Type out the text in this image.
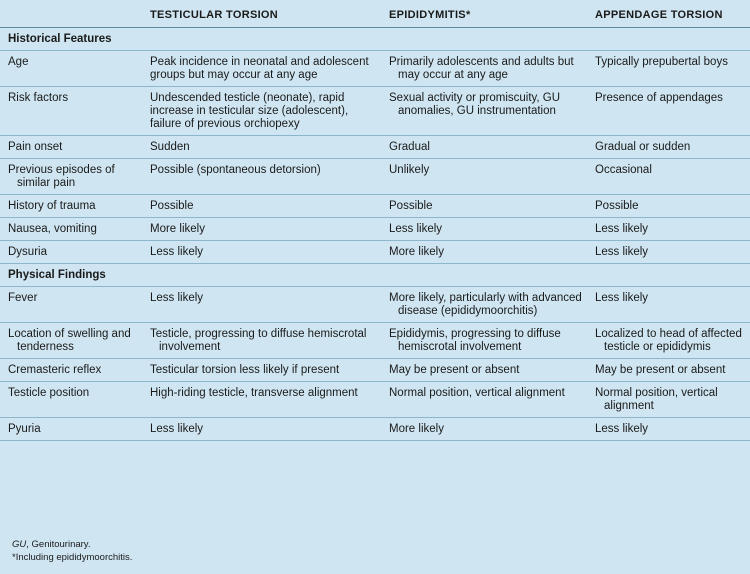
	TESTICULAR TORSION	EPIDIDYMITIS*	APPENDAGE TORSION
Historical Features			
Age	Peak incidence in neonatal and adolescent groups but may occur at any age	Primarily adolescents and adults but may occur at any age	Typically prepubertal boys
Risk factors	Undescended testicle (neonate), rapid increase in testicular size (adolescent), failure of previous orchiopexy	Sexual activity or promiscuity, GU anomalies, GU instrumentation	Presence of appendages
Pain onset	Sudden	Gradual	Gradual or sudden

Previous episodes of similar pain	Possible (spontaneous detorsion)	Unlikely	Occasional
History of trauma	Possible	Possible	Possible
Nausea, vomiting	More likely	Less likely	Less likely
Dysuria	Less likely	More likely	Less likely
Physical Findings			
Fever	Less likely	More likely, particularly with advanced disease (epididymoorchitis)	Less likely

Location of swelling and tenderness	Testicle, progressing to diffuse hemiscrotal involvement	Epididymis, progressing to diffuse hemiscrotal involvement	Localized to head of affected testicle or epididymis

Cremasteric reflex	Testicular torsion less likely if present	May be present or absent	May be present or absent
Testicle position	High-riding testicle, transverse alignment	Normal position, vertical alignment	Normal position, vertical alignment

Pyuria	Less likely	More likely	Less likely
GU, Genitourinary.
*Including epididymoorchitis.
